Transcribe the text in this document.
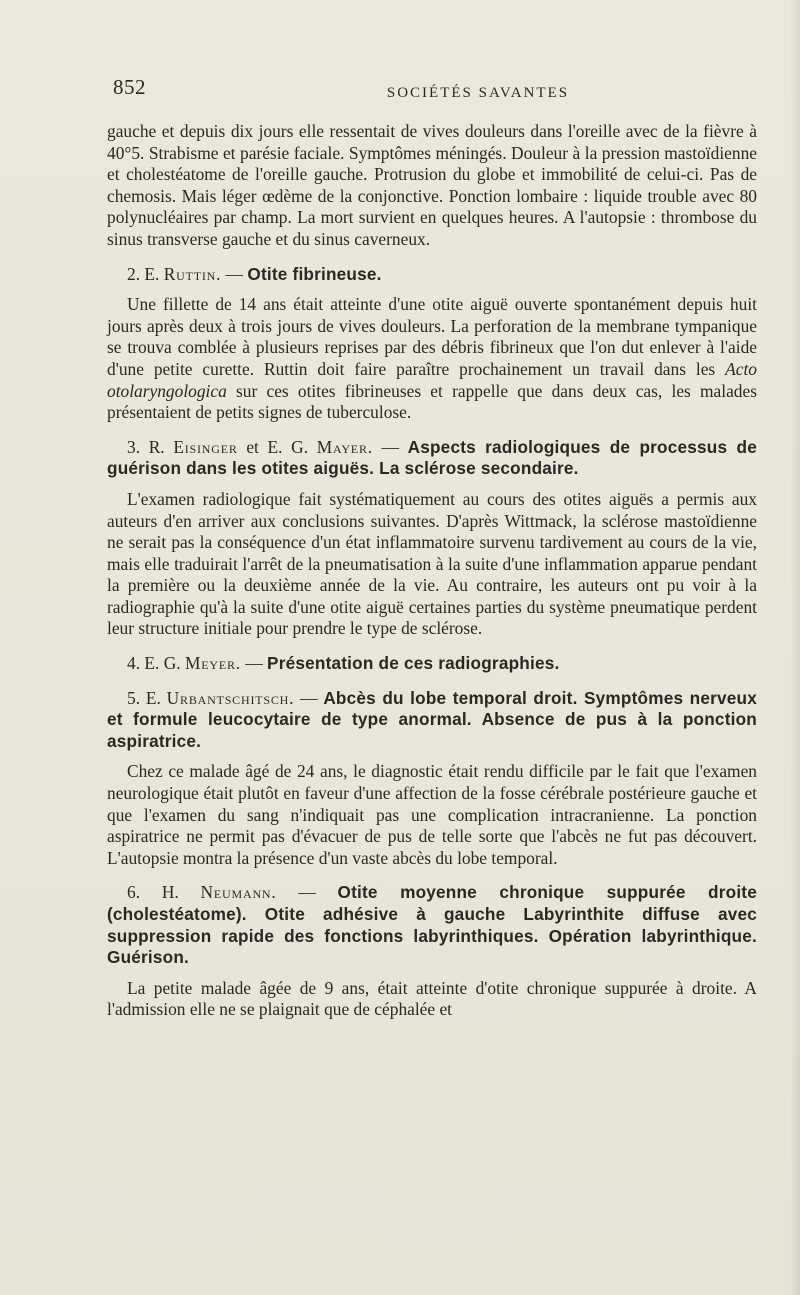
852	SOCIÉTÉS SAVANTES

gauche et depuis dix jours elle ressentait de vives douleurs dans l'oreille avec de la fièvre à 40°5. Strabisme et parésie faciale. Symptômes méningés. Douleur à la pression mastoïdienne et cholestéatome de l'oreille gauche. Protrusion du globe et immobilité de celui-ci. Pas de chemosis. Mais léger œdème de la conjonctive. Ponction lombaire : liquide trouble avec 80 polynucléaires par champ. La mort survient en quelques heures. A l'autopsie : thrombose du sinus transverse gauche et du sinus caverneux.

2. E. Ruttin. — Otite fibrineuse.

Une fillette de 14 ans était atteinte d'une otite aiguë ouverte spontanément depuis huit jours après deux à trois jours de vives douleurs. La perforation de la membrane tympanique se trouva comblée à plusieurs reprises par des débris fibrineux que l'on dut enlever à l'aide d'une petite curette. Ruttin doit faire paraître prochainement un travail dans les Acto otolaryngologica sur ces otites fibrineuses et rappelle que dans deux cas, les malades présentaient de petits signes de tuberculose.

3. R. Eisinger et E. G. Mayer. — Aspects radiologiques de processus de guérison dans les otites aiguës. La sclérose secondaire.

L'examen radiologique fait systématiquement au cours des otites aiguës a permis aux auteurs d'en arriver aux conclusions suivantes. D'après Wittmack, la sclérose mastoïdienne ne serait pas la conséquence d'un état inflammatoire survenu tardivement au cours de la vie, mais elle traduirait l'arrêt de la pneumatisation à la suite d'une inflammation apparue pendant la première ou la deuxième année de la vie. Au contraire, les auteurs ont pu voir à la radiographie qu'à la suite d'une otite aiguë certaines parties du système pneumatique perdent leur structure initiale pour prendre le type de sclérose.

4. E. G. Meyer. — Présentation de ces radiographies.

5. E. Urbantschitsch. — Abcès du lobe temporal droit. Symptômes nerveux et formule leucocytaire de type anormal. Absence de pus à la ponction aspiratrice.

Chez ce malade âgé de 24 ans, le diagnostic était rendu difficile par le fait que l'examen neurologique était plutôt en faveur d'une affection de la fosse cérébrale postérieure gauche et que l'examen du sang n'indiquait pas une complication intracranienne. La ponction aspiratrice ne permit pas d'évacuer de pus de telle sorte que l'abcès ne fut pas découvert. L'autopsie montra la présence d'un vaste abcès du lobe temporal.

6. H. Neumann. — Otite moyenne chronique suppurée droite (cholestéatome). Otite adhésive à gauche Labyrinthite diffuse avec suppression rapide des fonctions labyrinthiques. Opération labyrinthique. Guérison.

La petite malade âgée de 9 ans, était atteinte d'otite chronique suppurée à droite. A l'admission elle ne se plaignait que de céphalée et
